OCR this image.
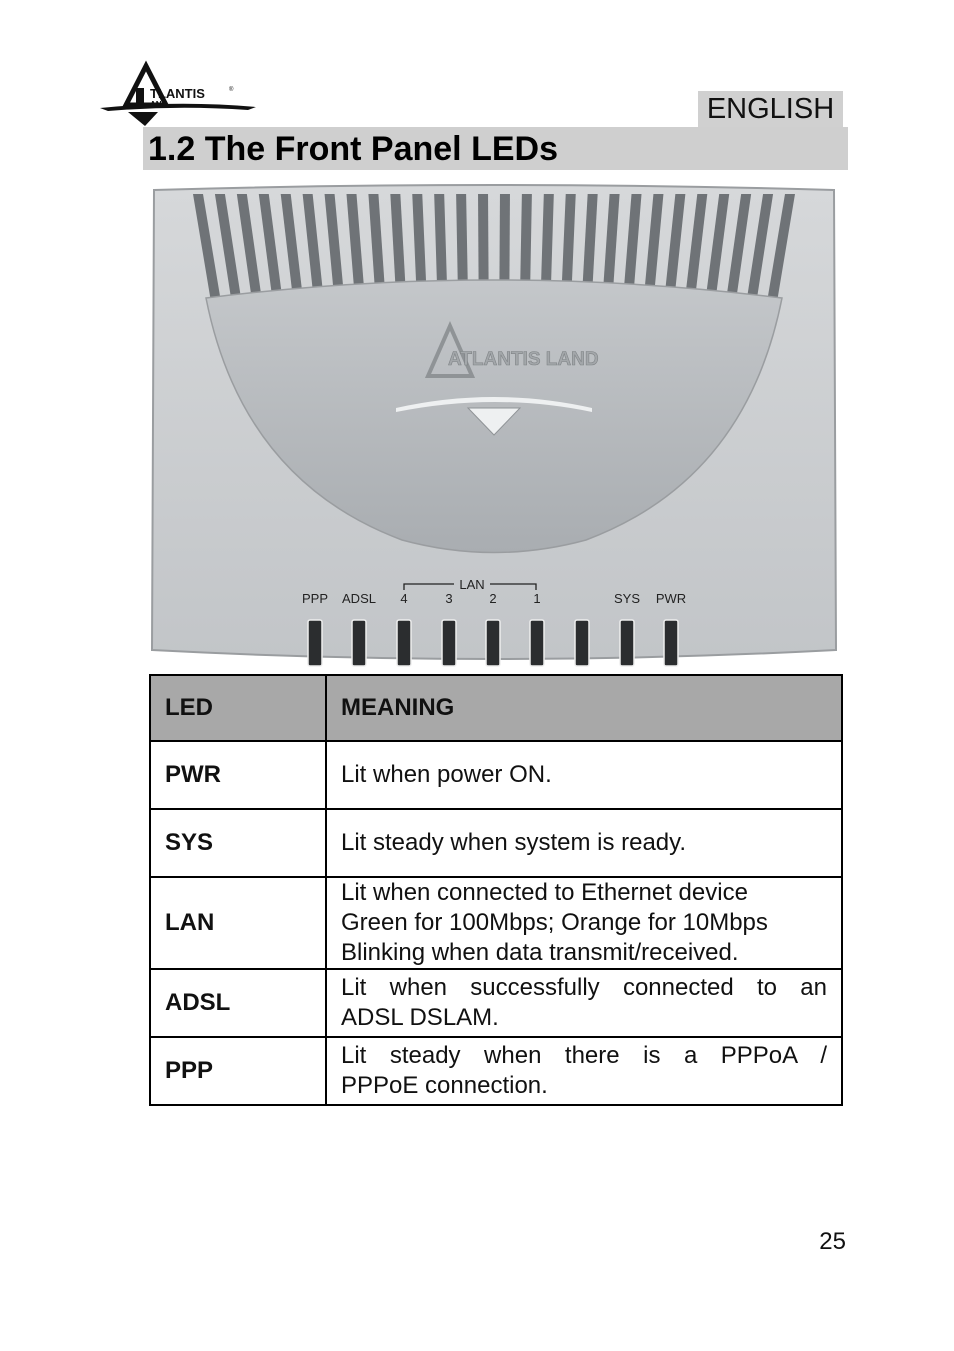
TLANTIS
AND
®
ENGLISH
1.2 The Front Panel LEDs
ATLANTIS LAND
PPP ADSL 4	3	2	1	SYS PWR
LAN
LED	MEANING
PWR	Lit when power ON.

SYS	Lit steady when system is ready.

LAN	Lit when connected to Ethernet device
Green for 100Mbps; Orange for 10Mbps
Blinking when data transmit/received.

ADSL	Lit when successfully connected to an
ADSL DSLAM.

PPP	Lit steady when there is a PPPoA /
PPPoE connection.
25
